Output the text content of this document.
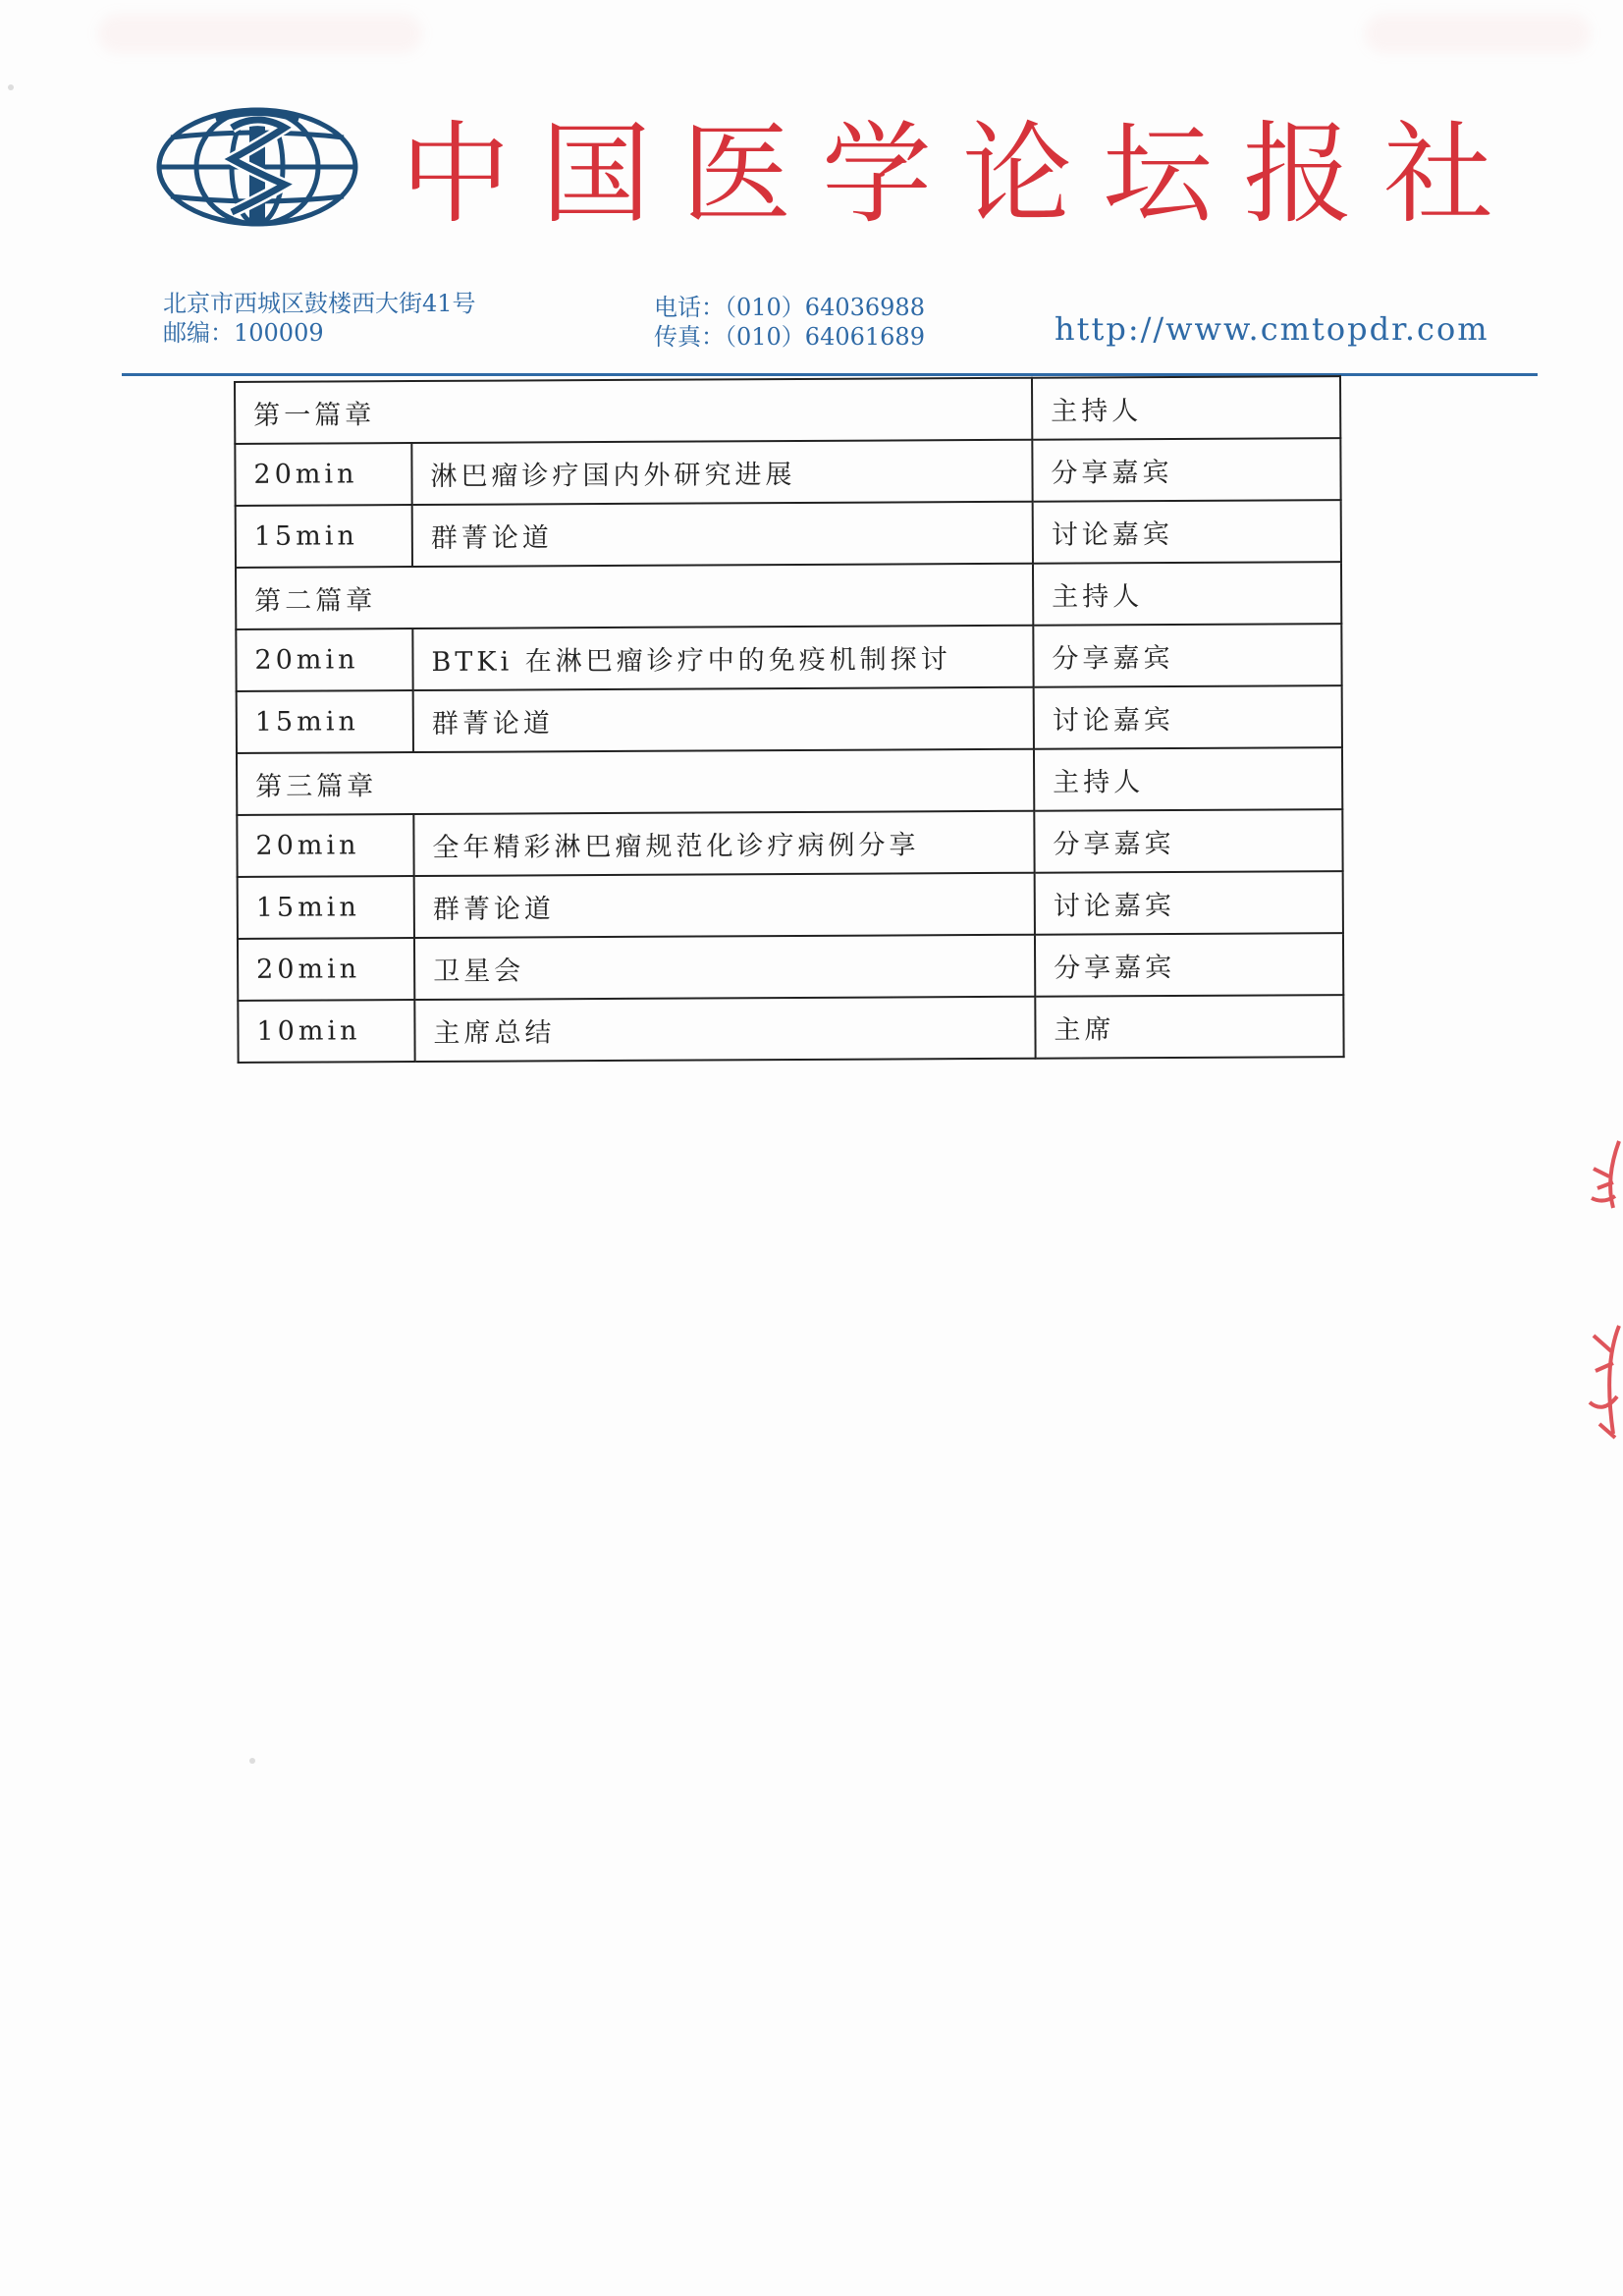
中国医学论坛报社
北京市西城区鼓楼西大街41号
邮编：100009
电话：（010）64036988
传真：（010）64061689	http://www.cmtopdr.com
第一篇章		主持人
20min	淋巴瘤诊疗国内外研究进展	分享嘉宾
15min	群菁论道	讨论嘉宾
第二篇章		主持人
20min	BTKi 在淋巴瘤诊疗中的免疫机制探讨	分享嘉宾
15min	群菁论道	讨论嘉宾
第三篇章		主持人
20min	全年精彩淋巴瘤规范化诊疗病例分享	分享嘉宾
15min	群菁论道	讨论嘉宾
20min	卫星会	分享嘉宾
10min	主席总结	主席
